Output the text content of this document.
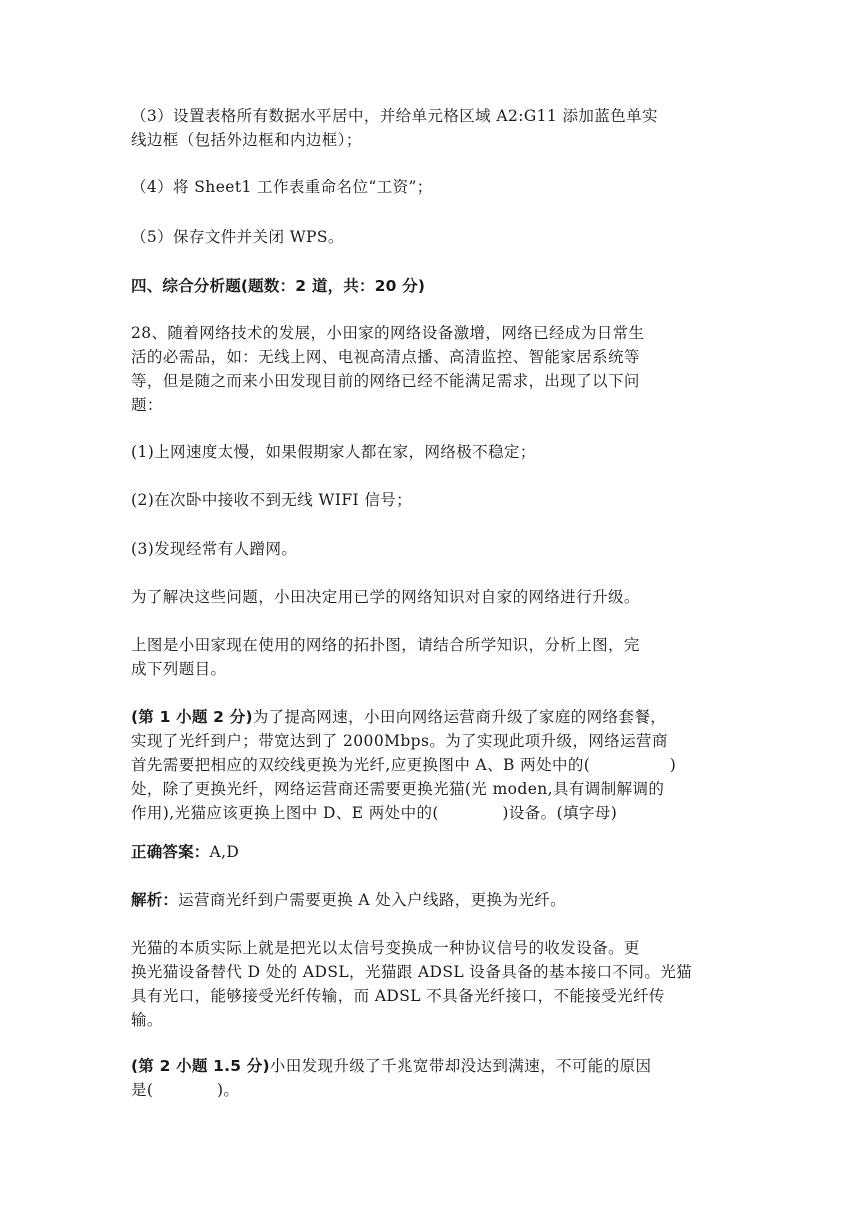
（3）设置表格所有数据水平居中，并给单元格区域 A2:G11 添加蓝色单实
线边框（包括外边框和内边框）；

（4）将 Sheet1 工作表重命名位“工资”；

（5）保存文件并关闭 WPS。

四、综合分析题(题数：2 道，共：20 分)

28、随着网络技术的发展，小田家的网络设备激增，网络已经成为日常生
活的必需品，如：无线上网、电视高清点播、高清监控、智能家居系统等
等，但是随之而来小田发现目前的网络已经不能满足需求，出现了以下问
题：

(1)上网速度太慢，如果假期家人都在家，网络极不稳定；

(2)在次卧中接收不到无线 WIFI 信号；

(3)发现经常有人蹭网。

为了解决这些问题，小田决定用已学的网络知识对自家的网络进行升级。

上图是小田家现在使用的网络的拓扑图，请结合所学知识，分析上图，完
成下列题目。

(第 1 小题 2 分)为了提高网速，小田向网络运营商升级了家庭的网络套餐，
实现了光纤到户；带宽达到了 2000Mbps。为了实现此项升级，网络运营商
首先需要把相应的双绞线更换为光纤,应更换图中 A、B 两处中的(　　　　　)
处，除了更换光纤，网络运营商还需要更换光猫(光 moden,具有调制解调的
作用),光猫应该更换上图中 D、E 两处中的(　　　　)设备。(填字母)

正确答案：A,D

解析：运营商光纤到户需要更换 A 处入户线路，更换为光纤。

光猫的本质实际上就是把光以太信号变换成一种协议信号的收发设备。更
换光猫设备替代 D 处的 ADSL，光猫跟 ADSL 设备具备的基本接口不同。光猫
具有光口，能够接受光纤传输，而 ADSL 不具备光纤接口，不能接受光纤传
输。

(第 2 小题 1.5 分)小田发现升级了千兆宽带却没达到满速，不可能的原因
是(　　　　)。
